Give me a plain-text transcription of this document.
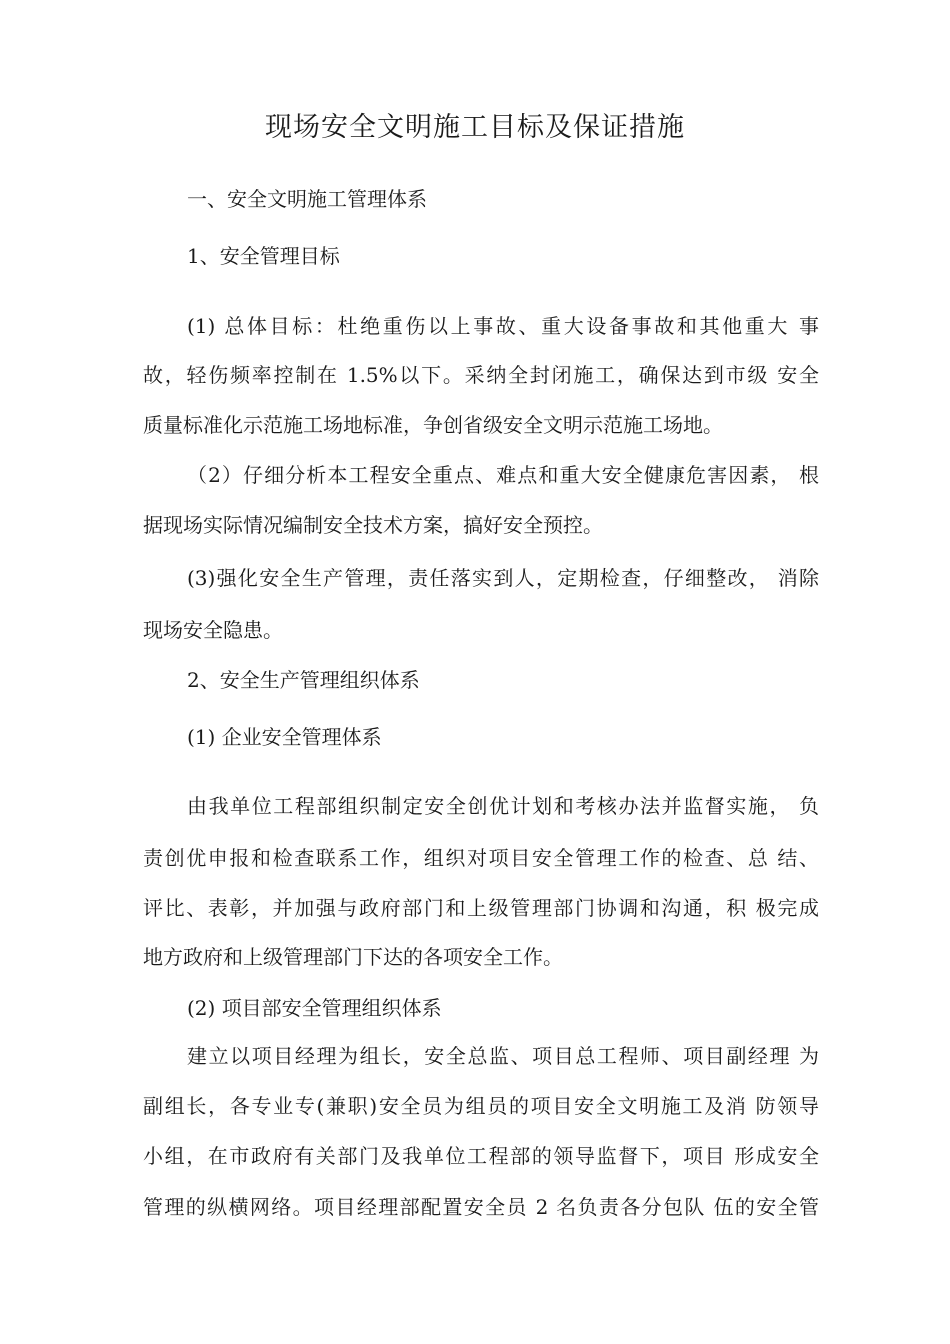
现场安全文明施工目标及保证措施
一、安全文明施工管理体系
1、安全管理目标
(1) 总体目标：杜绝重伤以上事故、重大设备事故和其他重大 事
故，轻伤频率控制在 1.5%以下。采纳全封闭施工，确保达到市级 安全
质量标准化示范施工场地标准，争创省级安全文明示范施工场地。
（2）仔细分析本工程安全重点、难点和重大安全健康危害因素， 根
据现场实际情况编制安全技术方案，搞好安全预控。
(3)强化安全生产管理，责任落实到人，定期检查，仔细整改， 消除
现场安全隐患。
2、安全生产管理组织体系
(1) 企业安全管理体系
由我单位工程部组织制定安全创优计划和考核办法并监督实施， 负
责创优申报和检查联系工作，组织对项目安全管理工作的检查、总 结、
评比、表彰，并加强与政府部门和上级管理部门协调和沟通，积 极完成
地方政府和上级管理部门下达的各项安全工作。
(2) 项目部安全管理组织体系
建立以项目经理为组长，安全总监、项目总工程师、项目副经理 为
副组长，各专业专(兼职)安全员为组员的项目安全文明施工及消 防领导
小组，在市政府有关部门及我单位工程部的领导监督下，项目 形成安全
管理的纵横网络。项目经理部配置安全员 2 名负责各分包队 伍的安全管
